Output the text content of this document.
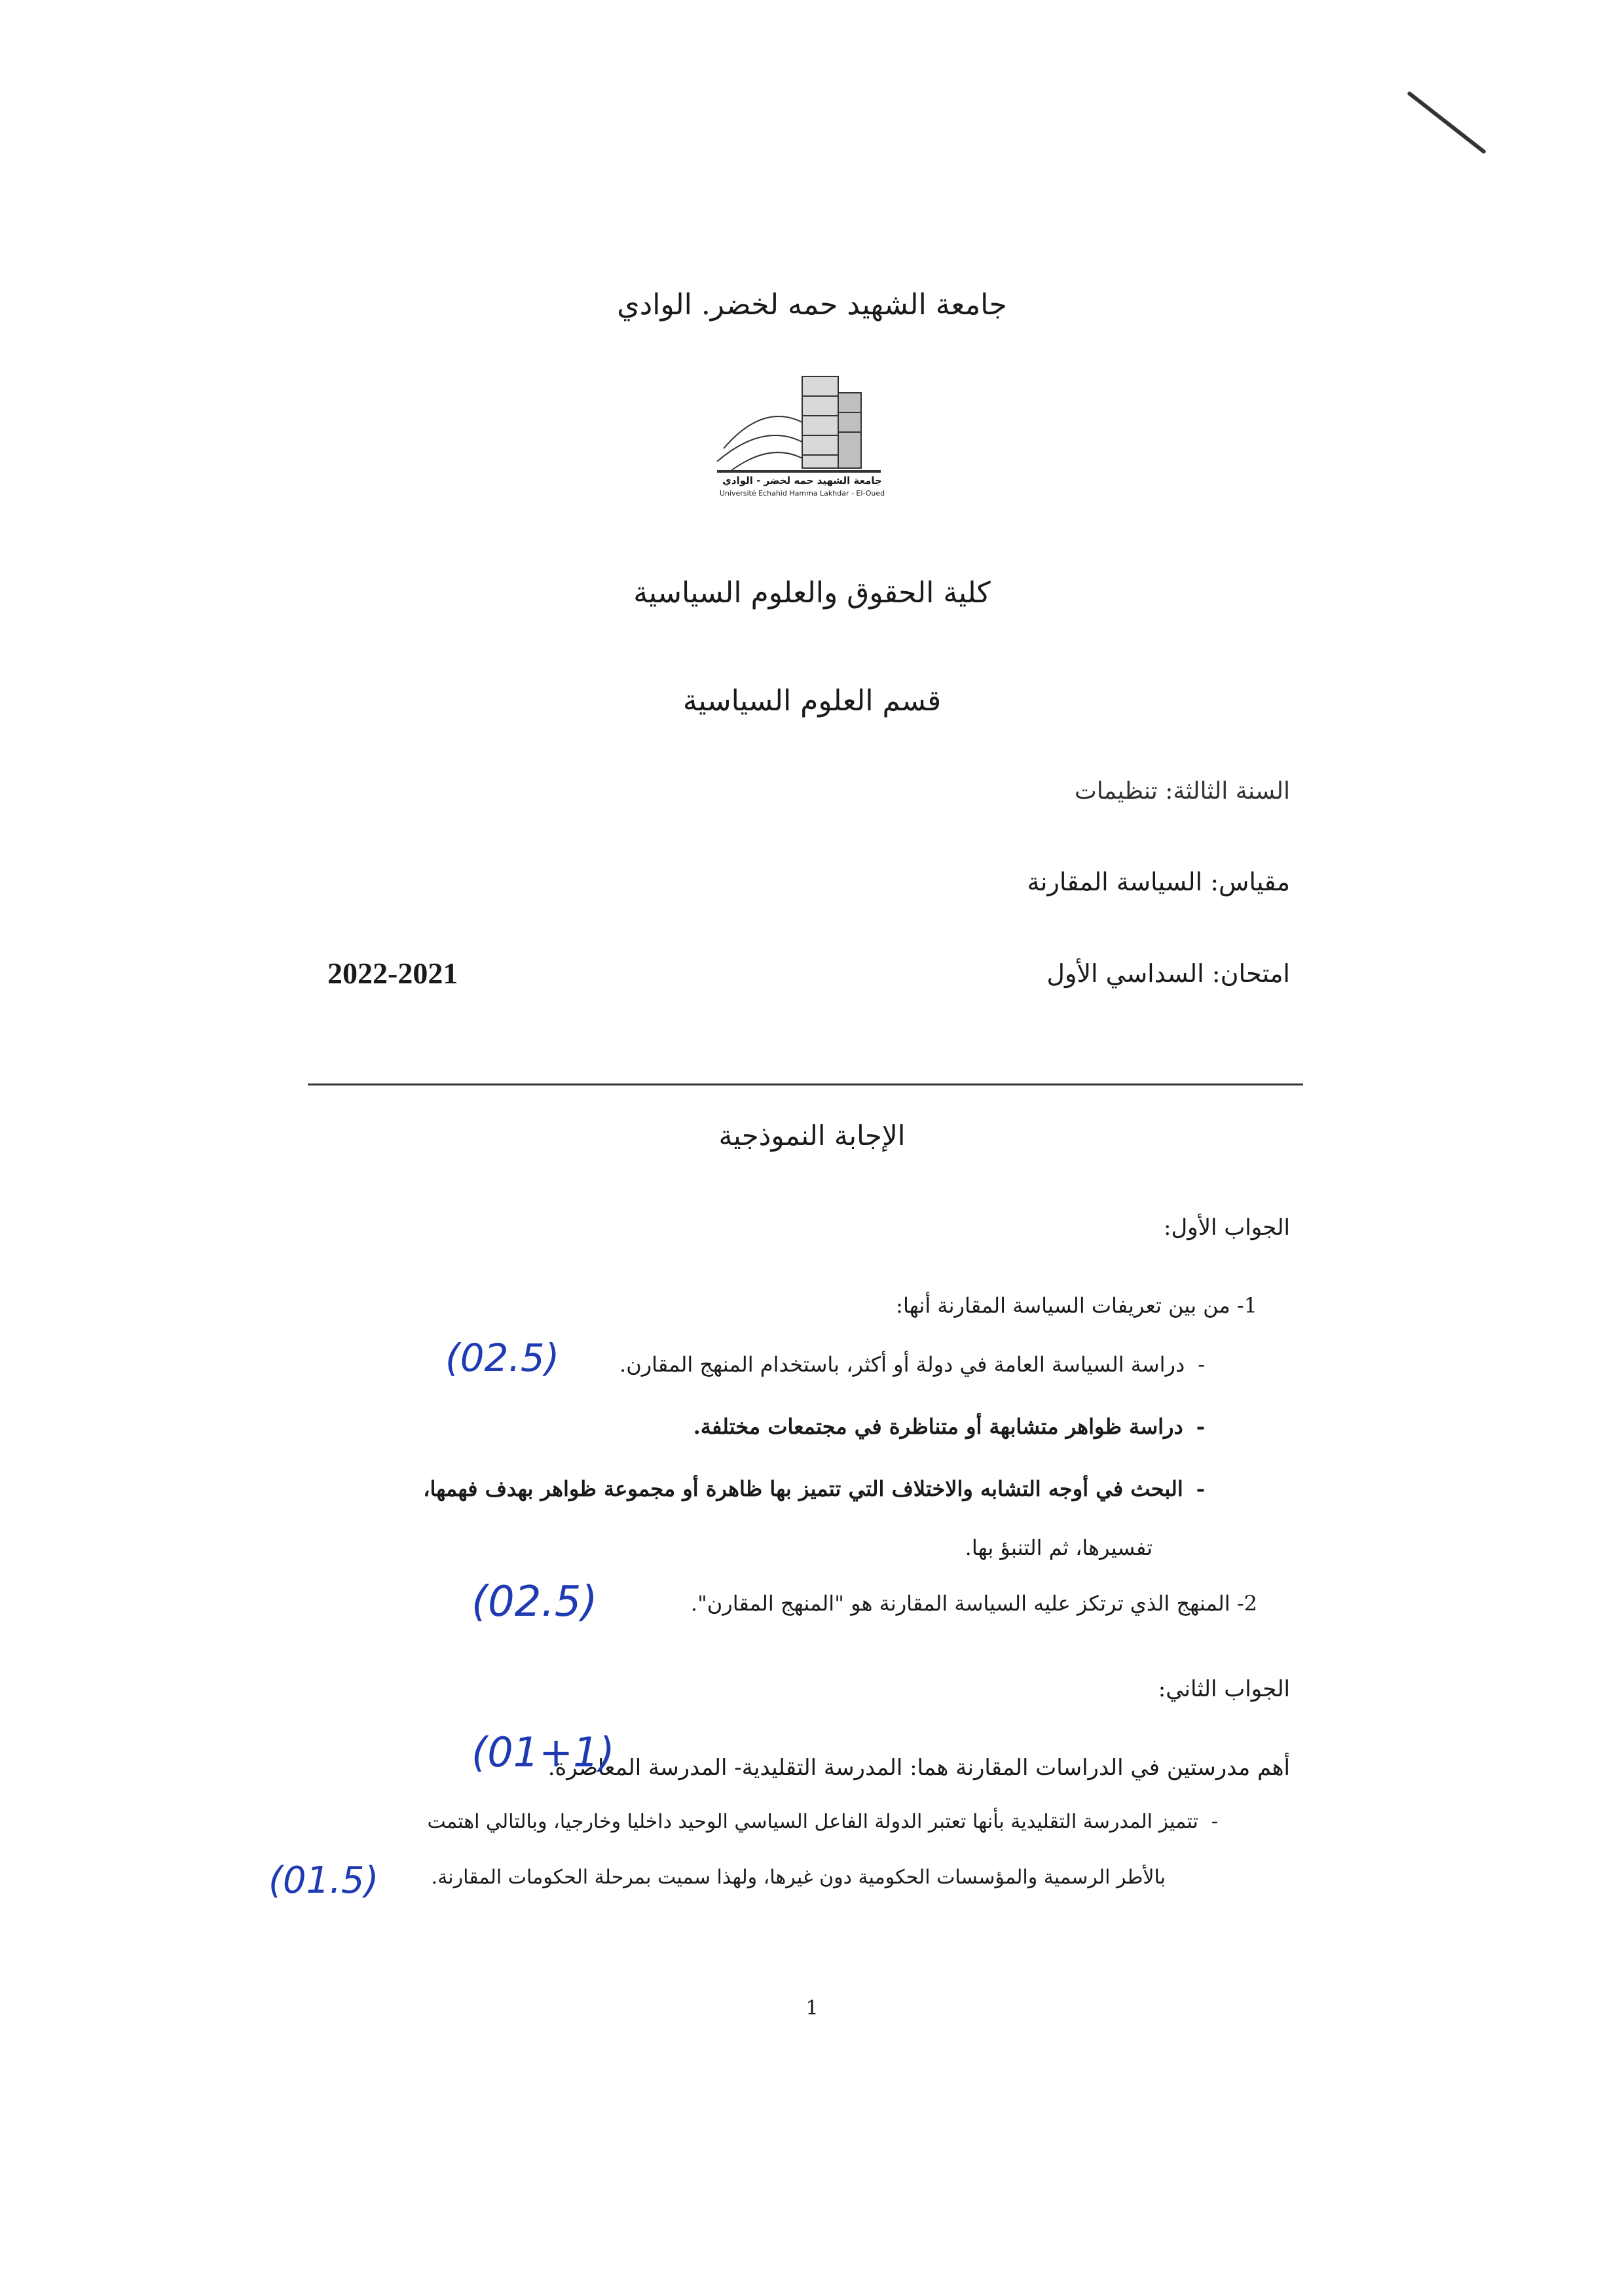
جامعة الشهيد حمه لخضر. الوادي
جامعة الشهيد حمه لخضر - الوادي
Université Echahid Hamma Lakhdar - El-Oued
كلية الحقوق والعلوم السياسية
قسم العلوم السياسية
السنة الثالثة: تنظيمات
مقياس: السياسة المقارنة
امتحان: السداسي الأول
2022-2021
الإجابة النموذجية
الجواب الأول:
1- من بين تعريفات السياسة المقارنة أنها:
-دراسة السياسة العامة في دولة أو أكثر، باستخدام المنهج المقارن.
(02.5)
-دراسة ظواهر متشابهة أو متناظرة في مجتمعات مختلفة.
-البحث في أوجه التشابه والاختلاف التي تتميز بها ظاهرة أو مجموعة ظواهر بهدف فهمها،
تفسيرها، ثم التنبؤ بها.
2- المنهج الذي ترتكز عليه السياسة المقارنة هو "المنهج المقارن".
(02.5)
الجواب الثاني:
أهم مدرستين في الدراسات المقارنة هما: المدرسة التقليدية- المدرسة المعاصرة.
(01+1)
-تتميز المدرسة التقليدية بأنها تعتبر الدولة الفاعل السياسي الوحيد داخليا وخارجيا، وبالتالي اهتمت
بالأطر الرسمية والمؤسسات الحكومية دون غيرها، ولهذا سميت بمرحلة الحكومات المقارنة.
(01.5)
1
